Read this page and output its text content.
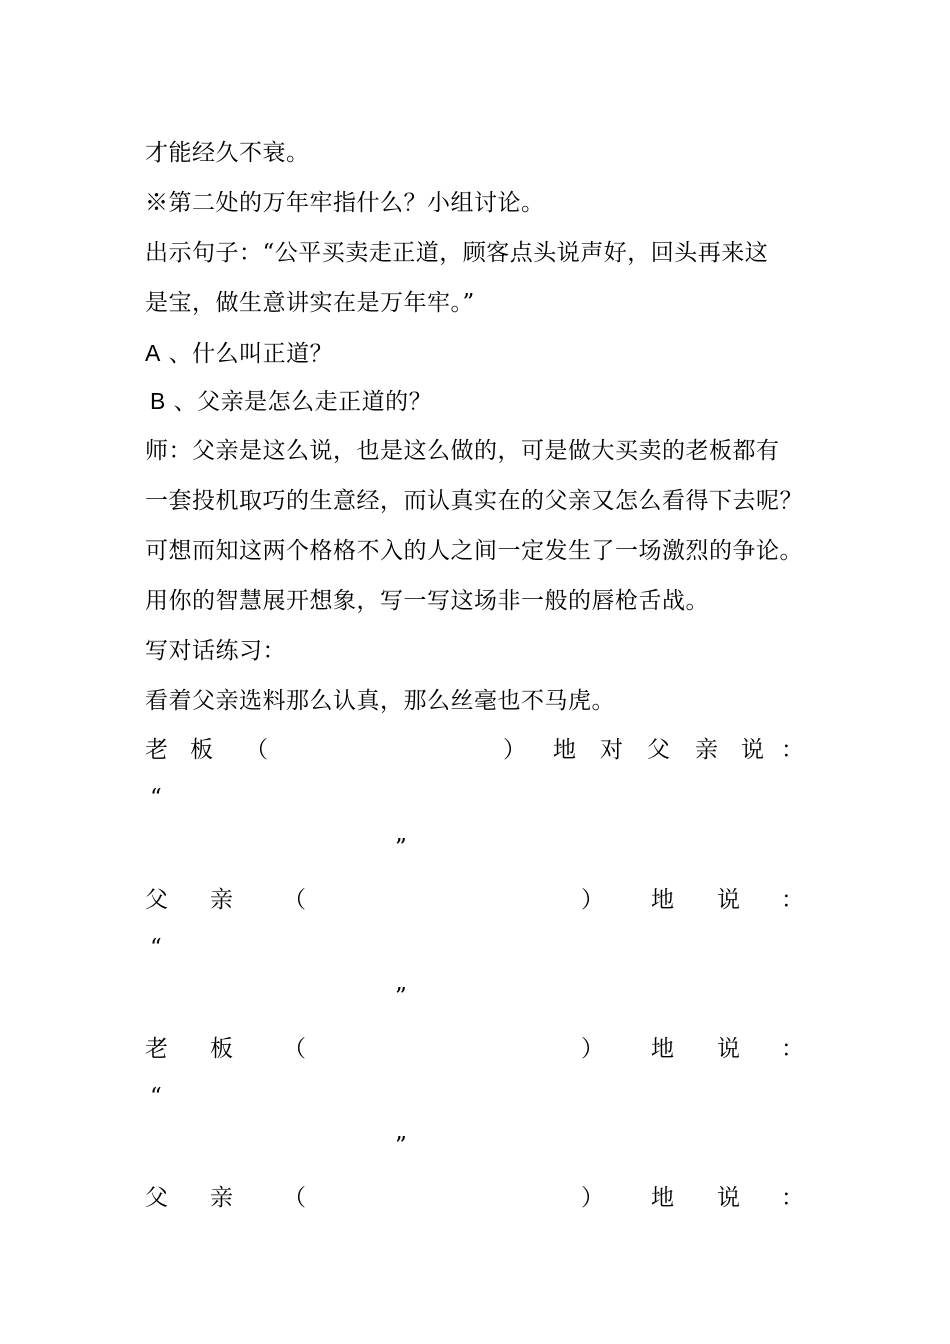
才能经久不衰。
※第二处的万年牢指什么？小组讨论。
出示句子：“公平买卖走正道，顾客点头说声好，回头再来这
是宝，做生意讲实在是万年牢。”
A 、什么叫正道？
B 、父亲是怎么走正道的？
师：父亲是这么说，也是这么做的，可是做大买卖的老板都有
一套投机取巧的生意经，而认真实在的父亲又怎么看得下去呢？
可想而知这两个格格不入的人之间一定发生了一场激烈的争论。
用你的智慧展开想象，写一写这场非一般的唇枪舌战。
写对话练习：
看着父亲选料那么认真，那么丝毫也不马虎。
老 板 （	） 地 对 父 亲 说 ：
“
”
父 亲 （	） 地 说 ：
“
”
老 板 （	） 地 说 ：
“
”
父 亲 （	） 地 说 ：
